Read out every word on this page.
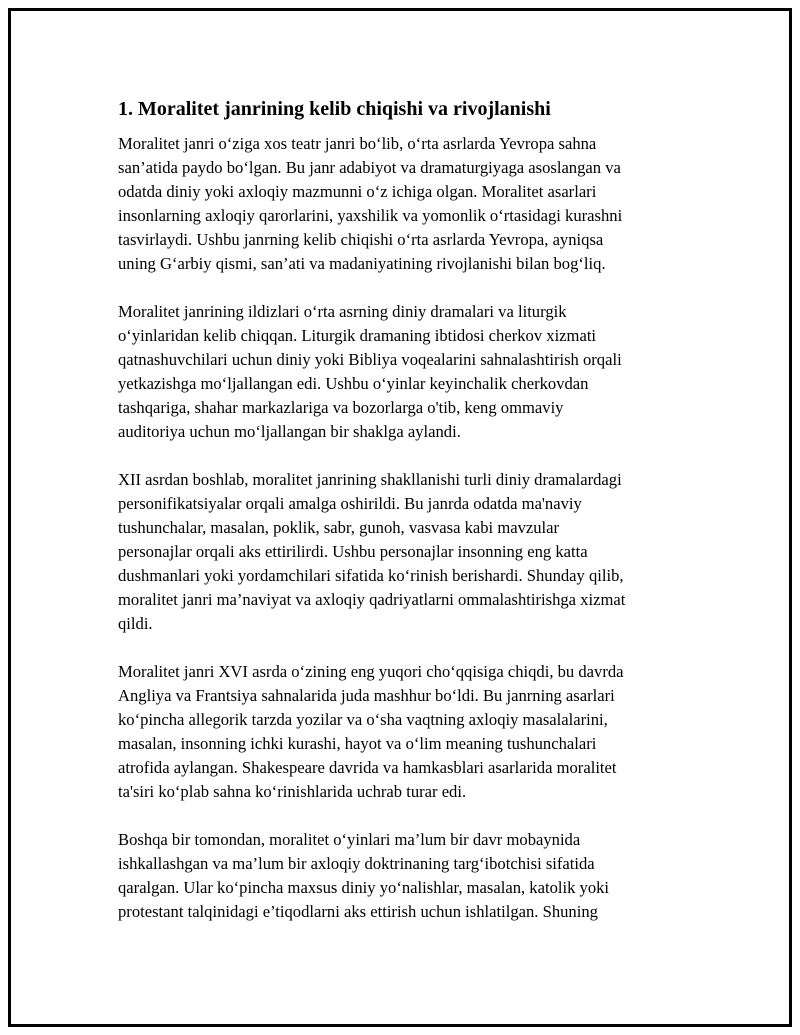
1. Moralitet janrining kelib chiqishi va rivojlanishi

Moralitet janri o‘ziga xos teatr janri bo‘lib, o‘rta asrlarda Yevropa sahna
san’atida paydo bo‘lgan. Bu janr adabiyot va dramaturgiyaga asoslangan va
odatda diniy yoki axloqiy mazmunni o‘z ichiga olgan. Moralitet asarlari
insonlarning axloqiy qarorlarini, yaxshilik va yomonlik o‘rtasidagi kurashni
tasvirlaydi. Ushbu janrning kelib chiqishi o‘rta asrlarda Yevropa, ayniqsa
uning G‘arbiy qismi, san’ati va madaniyatining rivojlanishi bilan bog‘liq.

Moralitet janrining ildizlari o‘rta asrning diniy dramalari va liturgik
o‘yinlaridan kelib chiqqan. Liturgik dramaning ibtidosi cherkov xizmati
qatnashuvchilari uchun diniy yoki Bibliya voqealarini sahnalashtirish orqali
yetkazishga mo‘ljallangan edi. Ushbu o‘yinlar keyinchalik cherkovdan
tashqariga, shahar markazlariga va bozorlarga o'tib, keng ommaviy
auditoriya uchun mo‘ljallangan bir shaklga aylandi.

XII asrdan boshlab, moralitet janrining shakllanishi turli diniy dramalardagi
personifikatsiyalar orqali amalga oshirildi. Bu janrda odatda ma'naviy
tushunchalar, masalan, poklik, sabr, gunoh, vasvasa kabi mavzular
personajlar orqali aks ettirilirdi. Ushbu personajlar insonning eng katta
dushmanlari yoki yordamchilari sifatida ko‘rinish berishardi. Shunday qilib,
moralitet janri ma’naviyat va axloqiy qadriyatlarni ommalashtirishga xizmat
qildi.

Moralitet janri XVI asrda o‘zining eng yuqori cho‘qqisiga chiqdi, bu davrda
Angliya va Frantsiya sahnalarida juda mashhur bo‘ldi. Bu janrning asarlari
ko‘pincha allegorik tarzda yozilar va o‘sha vaqtning axloqiy masalalarini,
masalan, insonning ichki kurashi, hayot va o‘lim meaning tushunchalari
atrofida aylangan. Shakespeare davrida va hamkasblari asarlarida moralitet
ta'siri ko‘plab sahna ko‘rinishlarida uchrab turar edi.

Boshqa bir tomondan, moralitet o‘yinlari ma’lum bir davr mobaynida
ishkallashgan va ma’lum bir axloqiy doktrinaning targ‘ibotchisi sifatida
qaralgan. Ular ko‘pincha maxsus diniy yo‘nalishlar, masalan, katolik yoki
protestant talqinidagi e’tiqodlarni aks ettirish uchun ishlatilgan. Shuning
